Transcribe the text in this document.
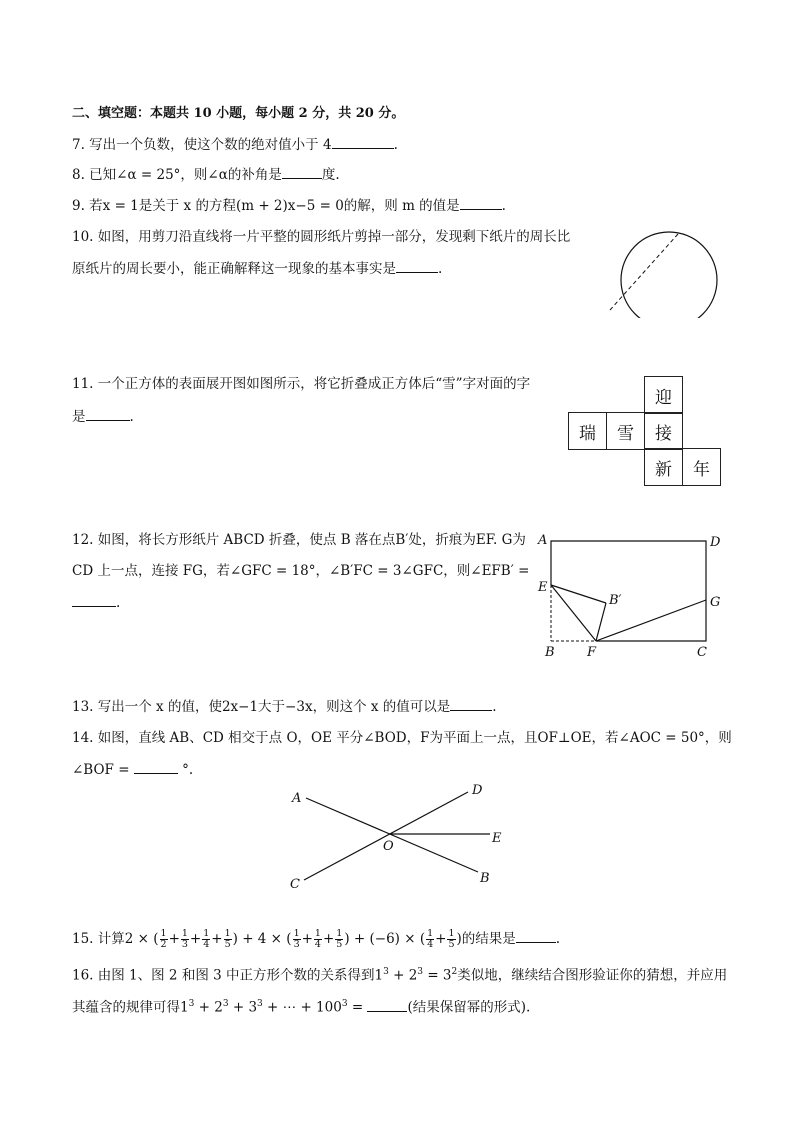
二、填空题：本题共 10 小题，每小题 2 分，共 20 分。
7. 写出一个负数，使这个数的绝对值小于 4	.
8. 已知∠α = 25°，则∠α的补角是	度.
9. 若x = 1是关于 x 的方程(m + 2)x−5 = 0的解，则 m 的值是	.
10. 如图，用剪刀沿直线将一片平整的圆形纸片剪掉一部分，发现剩下纸片的周长比
原纸片的周长要小，能正确解释这一现象的基本事实是	.
11. 一个正方体的表面展开图如图所示，将它折叠成正方体后“雪”字对面的字
是	.
迎
瑞	雪	接
新	年
12. 如图，将长方形纸片 ABCD 折叠，使点 B 落在点B′处，折痕为EF. G为
CD 上一点，连接 FG，若∠GFC = 18°，∠B′FC = 3∠GFC，则∠EFB′ =
.
A	D
E
B′	G
B F	C
13. 写出一个 x 的值，使2x−1大于−3x，则这个 x 的值可以是	.
14. 如图，直线 AB、CD 相交于点 O，OE 平分∠BOD，F为平面上一点，且OF⊥OE，若∠AOC = 50°，则
∠BOF =	°.
A
D
E
O
C	B
15. 计算2 × ( $\frac{1}{2} + \frac{1}{3} + \frac{1}{4} + \frac{1}{5}$ ) + 4 × ( $\frac{1}{3} + \frac{1}{4} + \frac{1}{5}$ ) + (−6) × ( $\frac{1}{4} + \frac{1}{5}$ )的结果是	.
16. 由图 1、图 2 和图 3 中正方形个数的关系得到$1^3 + 2^3 = 3^2$类似地，继续结合图形验证你的猜想，并应用
其蕴含的规律可得$1^3 + 2^3 + 3^3$ + ⋯ + $100^3$ =	(结果保留幂的形式).
